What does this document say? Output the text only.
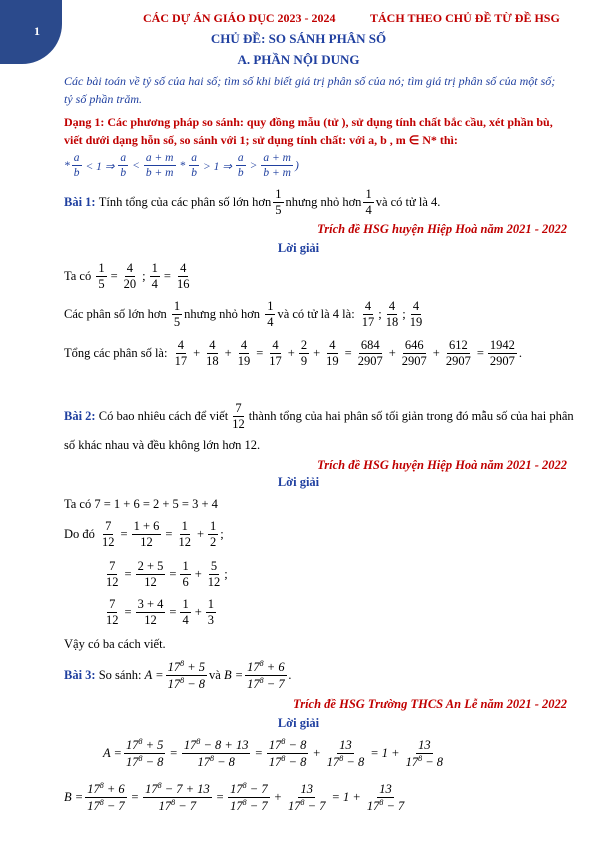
1
CÁC DỰ ÁN GIÁO DỤC 2023 - 2024	TÁCH THEO CHỦ ĐỀ TỪ ĐỀ HSG
CHỦ ĐỀ: SO SÁNH PHÂN SỐ
A. PHẦN NỘI DUNG
Các bài toán về tỷ số của hai số; tìm số khi biết giá trị phân số của nó; tìm giá trị phân số của một số;
tỷ số phần trăm.
Dạng 1: Các phương pháp so sánh: quy đồng mẫu (tử ), sử dụng tính chất bắc cầu, xét phần bù,
viết dưới dạng hỗn số, so sánh với 1; sử dụng tính chất: với a, b , m ∈ N* thì:
* $\frac{a}{b} < 1$ ⇒ $\frac{a}{b} < \frac{a + m}{b + m} * \frac{a}{b} > 1$ ⇒ $\frac{a}{b} > \frac{a + m}{b + m}$ )
Bài 1:
Tính tổng của các phân số lớn hơn $\frac{1}{5}$ nhưng nhỏ hơn $\frac{1}{4}$ và có tử là 4.
Trích đề HSG huyện Hiệp Hoà năm 2021 - 2022
Lời giải
Ta có
$\frac{1}{5} = \frac{4}{20}$ ; $\frac{1}{4} = \frac{4}{16}$
Các phân số lớn hơn
$\frac{1}{5}$ nhưng nhỏ hơn
$\frac{1}{4}$ và có tử là 4 là:
$\frac{4}{17}$ ; $\frac{4}{18}$ ; $\frac{4}{19}$
Tổng các phân số là:
$\frac{4}{17} + \frac{4}{18} + \frac{4}{19} = \frac{4}{17} + \frac{2}{9} + \frac{4}{19} = \frac{684}{2907} + \frac{646}{2907} + \frac{612}{2907} = \frac{1942}{2907}$ .
Bài 2:
Có bao nhiêu cách để viết $\frac{7}{12}$ thành tổng của hai phân số tối giản trong đó mẫu số của hai phân
số khác nhau và đều không lớn hơn 12.
Trích đề HSG huyện Hiệp Hoà năm 2021 - 2022
Lời giải
Ta có 7 = 1 + 6 = 2 + 5 = 3 + 4
Do đó
$\frac{7}{12} = \frac{1 + 6}{12} = \frac{1}{12} + \frac{1}{2}$ ;
$\frac{7}{12} = \frac{2 + 5}{12} = \frac{1}{6} + \frac{5}{12}$ ;
$\frac{7}{12} = \frac{3 + 4}{12} = \frac{1}{4} + \frac{1}{3}$
Vậy có ba cách viết.
Bài 3:
So sánh:
$A = \frac{17^8 + 5}{17^8 - 8}$ và
$B = \frac{17^8 + 6}{17^8 - 7}$ .
Trích đề HSG Trường THCS An Lễ năm 2021 - 2022
Lời giải
$A = \frac{17^8 + 5}{17^8 - 8} = \frac{17^8 - 8 + 13}{17^8 - 8} = \frac{17^8 - 8}{17^8 - 8} + \frac{13}{17^8 - 8} = 1 + \frac{13}{17^8 - 8}$
$B = \frac{17^8 + 6}{17^8 - 7} = \frac{17^8 - 7 + 13}{17^8 - 7} = \frac{17^8 - 7}{17^8 - 7} + \frac{13}{17^8 - 7} = 1 + \frac{13}{17^8 - 7}$
